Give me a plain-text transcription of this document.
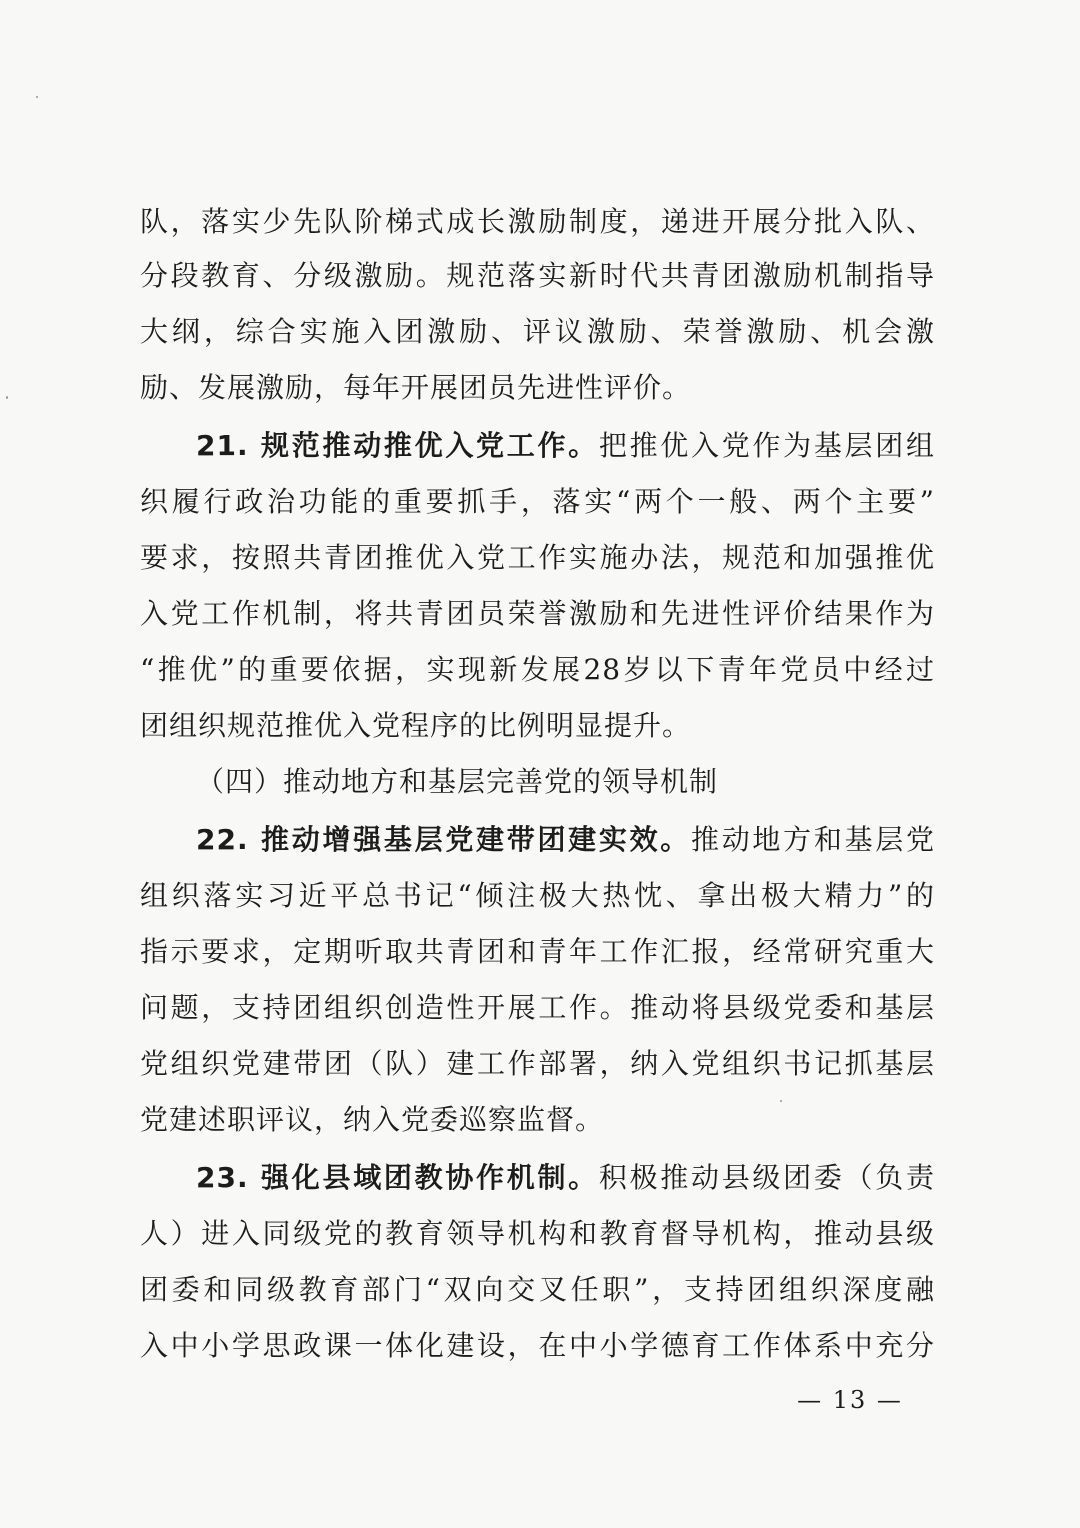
队，落实少先队阶梯式成长激励制度，递进开展分批入队、
分段教育、分级激励。规范落实新时代共青团激励机制指导
大纲，综合实施入团激励、评议激励、荣誉激励、机会激
励、发展激励，每年开展团员先进性评价。
21. 规范推动推优入党工作。把推优入党作为基层团组
织履行政治功能的重要抓手，落实“两个一般、两个主要”
要求，按照共青团推优入党工作实施办法，规范和加强推优
入党工作机制，将共青团员荣誉激励和先进性评价结果作为
“推优”的重要依据，实现新发展28岁以下青年党员中经过
团组织规范推优入党程序的比例明显提升。
（四）推动地方和基层完善党的领导机制
22. 推动增强基层党建带团建实效。推动地方和基层党
组织落实习近平总书记“倾注极大热忱、拿出极大精力”的
指示要求，定期听取共青团和青年工作汇报，经常研究重大
问题，支持团组织创造性开展工作。推动将县级党委和基层
党组织党建带团（队）建工作部署，纳入党组织书记抓基层
党建述职评议，纳入党委巡察监督。
23. 强化县域团教协作机制。积极推动县级团委（负责
人）进入同级党的教育领导机构和教育督导机构，推动县级
团委和同级教育部门“双向交叉任职”，支持团组织深度融
入中小学思政课一体化建设，在中小学德育工作体系中充分
— 13 —
